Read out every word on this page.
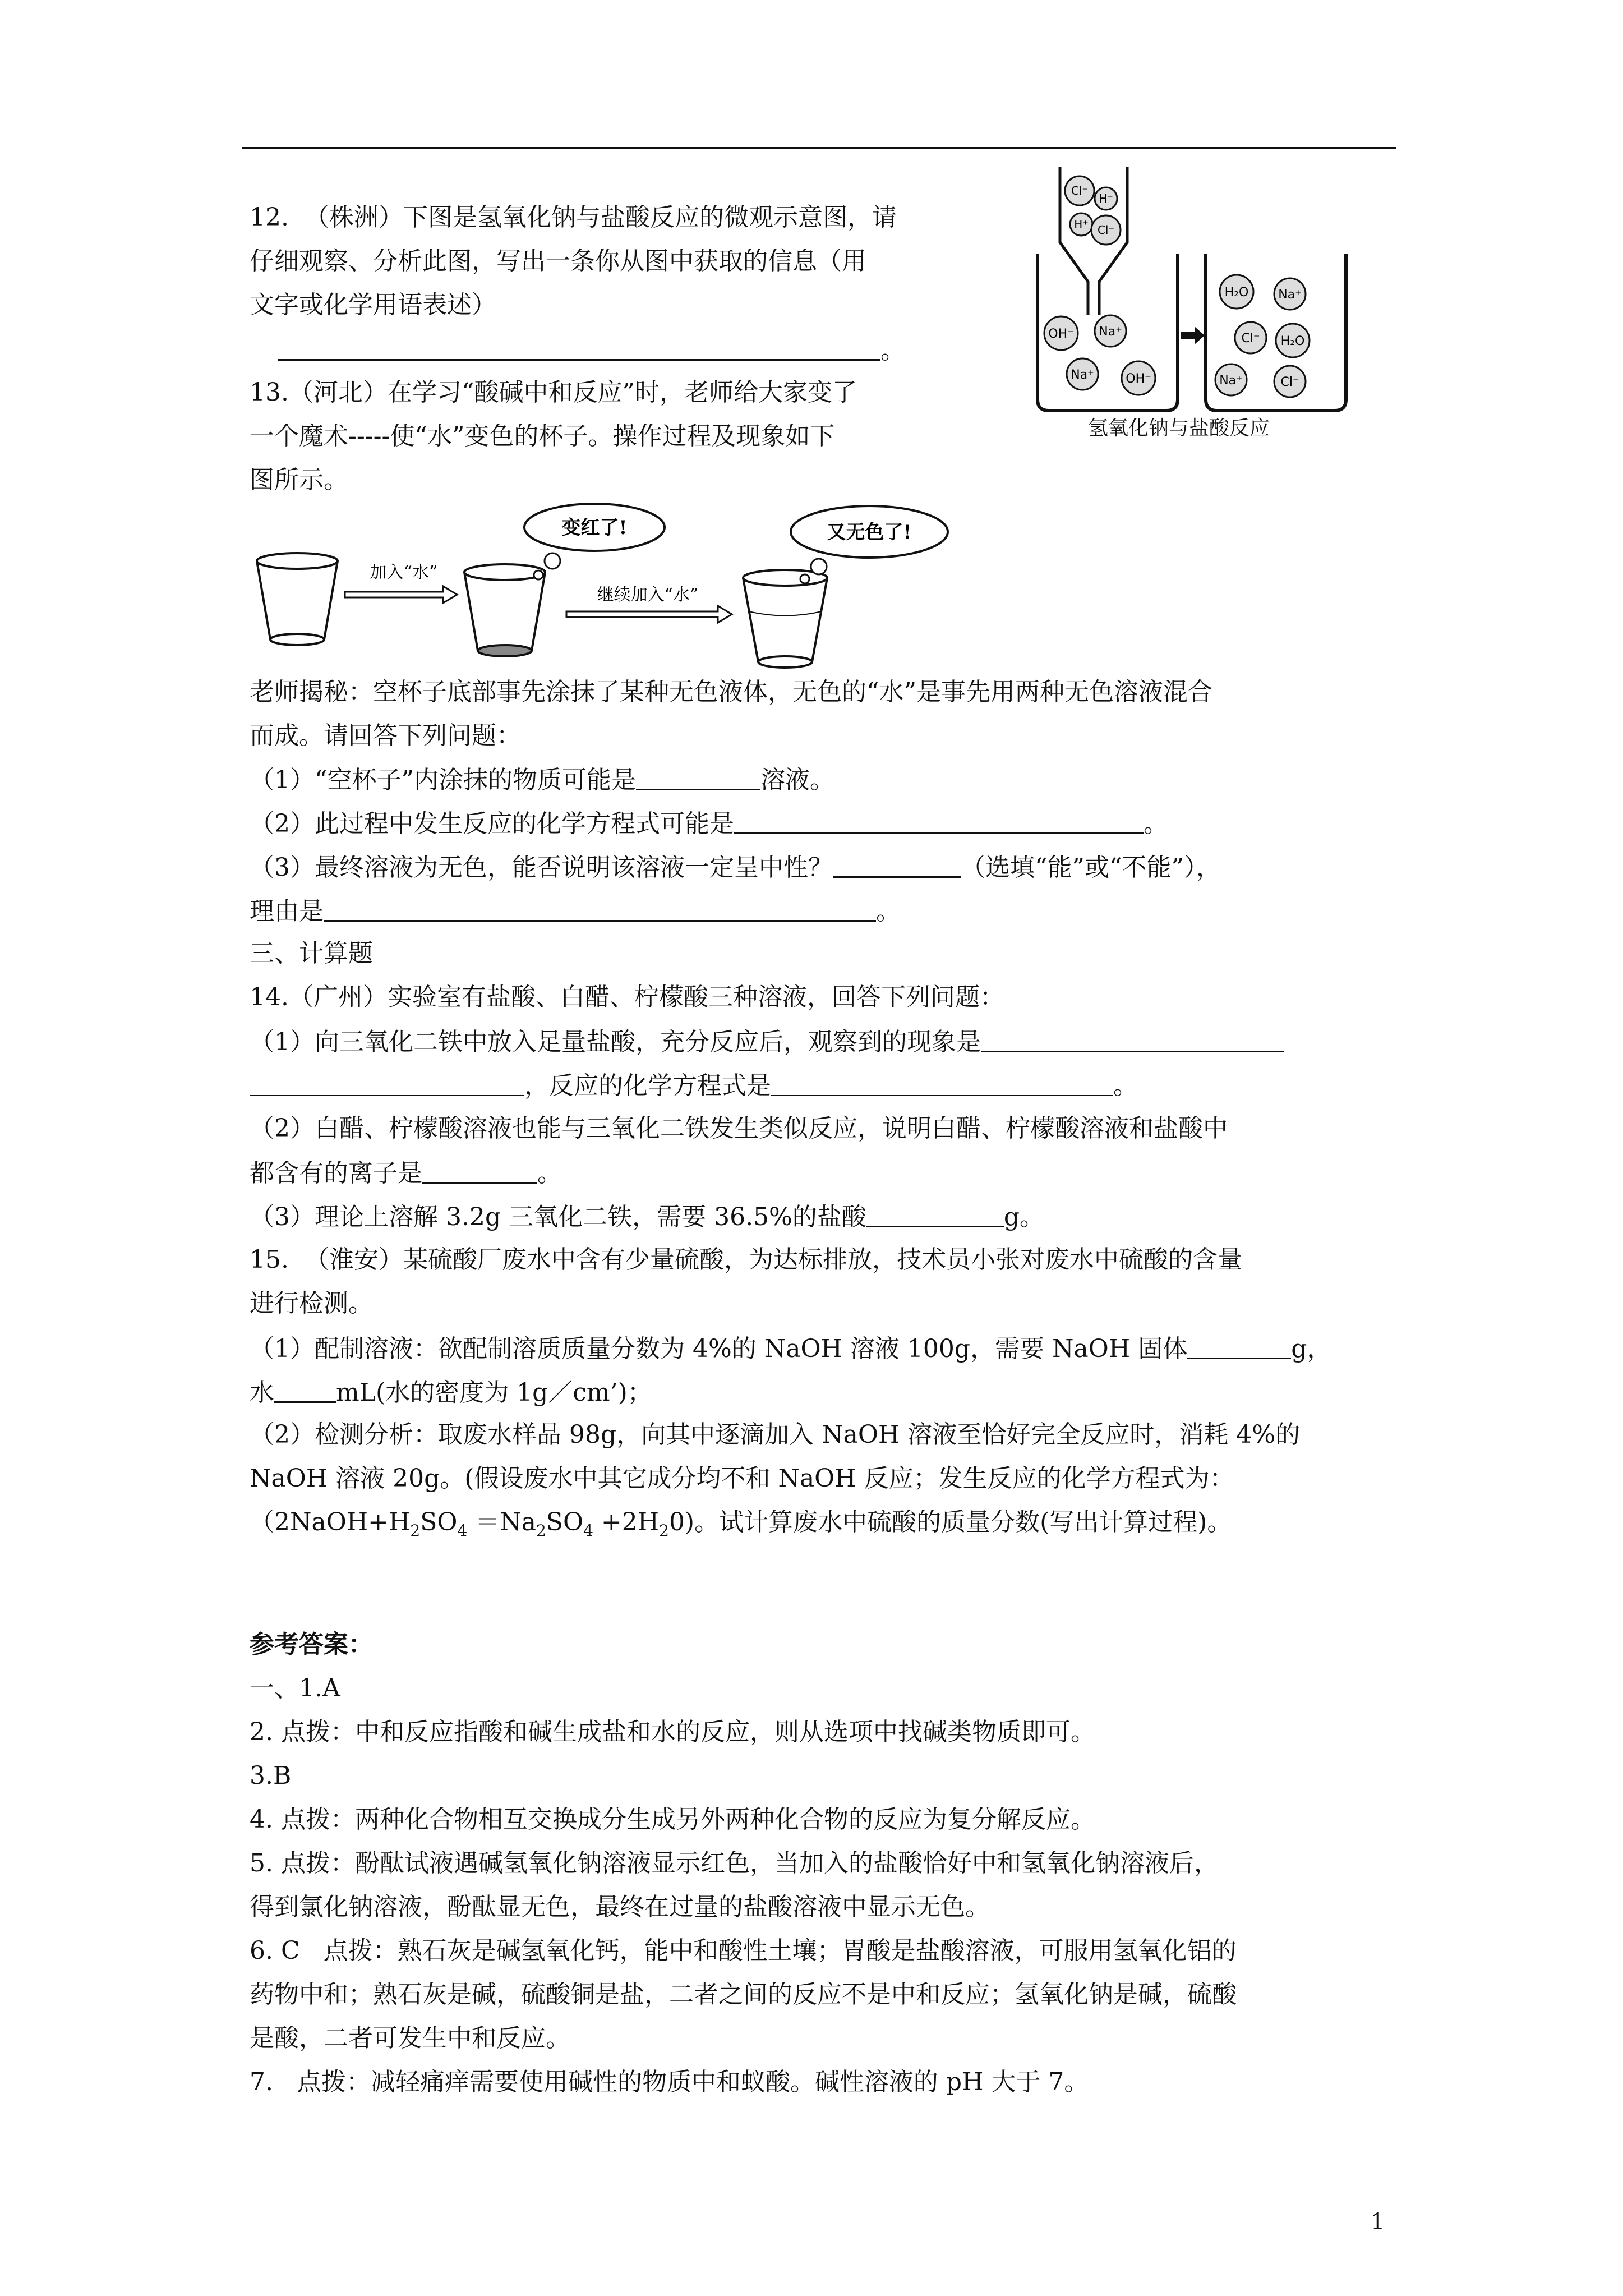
12.  （株洲）下图是氢氧化钠与盐酸反应的微观示意图，请
仔细观察、分析此图，写出一条你从图中获取的信息（用
文字或化学用语表述）
。
Cl⁻
H⁺
H⁺ Cl⁻
OH⁻ Na⁺
Na⁺	OH⁻
H₂O Na⁺
Cl⁻ H₂O
Na⁺	Cl⁻
氢氧化钠与盐酸反应
13.（河北）在学习“酸碱中和反应”时，老师给大家变了
一个魔术-----使“水”变色的杯子。操作过程及现象如下
图所示。
加入“水”
变红了!
继续加入“水”
又无色了!
老师揭秘：空杯子底部事先涂抹了某种无色液体，无色的“水”是事先用两种无色溶液混合
而成。请回答下列问题：
（1）“空杯子”内涂抹的物质可能是	溶液。
（2）此过程中发生反应的化学方程式可能是	。
（3）最终溶液为无色，能否说明该溶液一定呈中性？	（选填“能”或“不能”），
理由是	。
三、计算题
14.（广州）实验室有盐酸、白醋、柠檬酸三种溶液，回答下列问题：
（1）向三氧化二铁中放入足量盐酸，充分反应后，观察到的现象是
，反应的化学方程式是	。
（2）白醋、柠檬酸溶液也能与三氧化二铁发生类似反应，说明白醋、柠檬酸溶液和盐酸中
都含有的离子是	。
（3）理论上溶解 3.2g 三氧化二铁，需要 36.5%的盐酸	g。
15.  （淮安）某硫酸厂废水中含有少量硫酸，为达标排放，技术员小张对废水中硫酸的含量
进行检测。
（1）配制溶液：欲配制溶质质量分数为 4%的 NaOH 溶液 100g，需要 NaOH 固体	g，
水	mL(水的密度为 1g／cm’)；
（2）检测分析：取废水样品 98g，向其中逐滴加入 NaOH 溶液至恰好完全反应时，消耗 4%的
NaOH 溶液 20g。(假设废水中其它成分均不和 NaOH 反应；发生反应的化学方程式为：
$(2NaOH+H_2SO_4 =Na_2SO_4 +2H_20)$。试计算废水中硫酸的质量分数(写出计算过程)。
参考答案：
一、1.A
2. 点拨：中和反应指酸和碱生成盐和水的反应，则从选项中找碱类物质即可。
3.B
4. 点拨：两种化合物相互交换成分生成另外两种化合物的反应为复分解反应。
5. 点拨：酚酞试液遇碱氢氧化钠溶液显示红色，当加入的盐酸恰好中和氢氧化钠溶液后，
得到氯化钠溶液，酚酞显无色，最终在过量的盐酸溶液中显示无色。
6. C   点拨：熟石灰是碱氢氧化钙，能中和酸性土壤；胃酸是盐酸溶液，可服用氢氧化铝的
药物中和；熟石灰是碱，硫酸铜是盐，二者之间的反应不是中和反应；氢氧化钠是碱，硫酸
是酸，二者可发生中和反应。
7.   点拨：减轻痛痒需要使用碱性的物质中和蚁酸。碱性溶液的 pH 大于 7。
1
